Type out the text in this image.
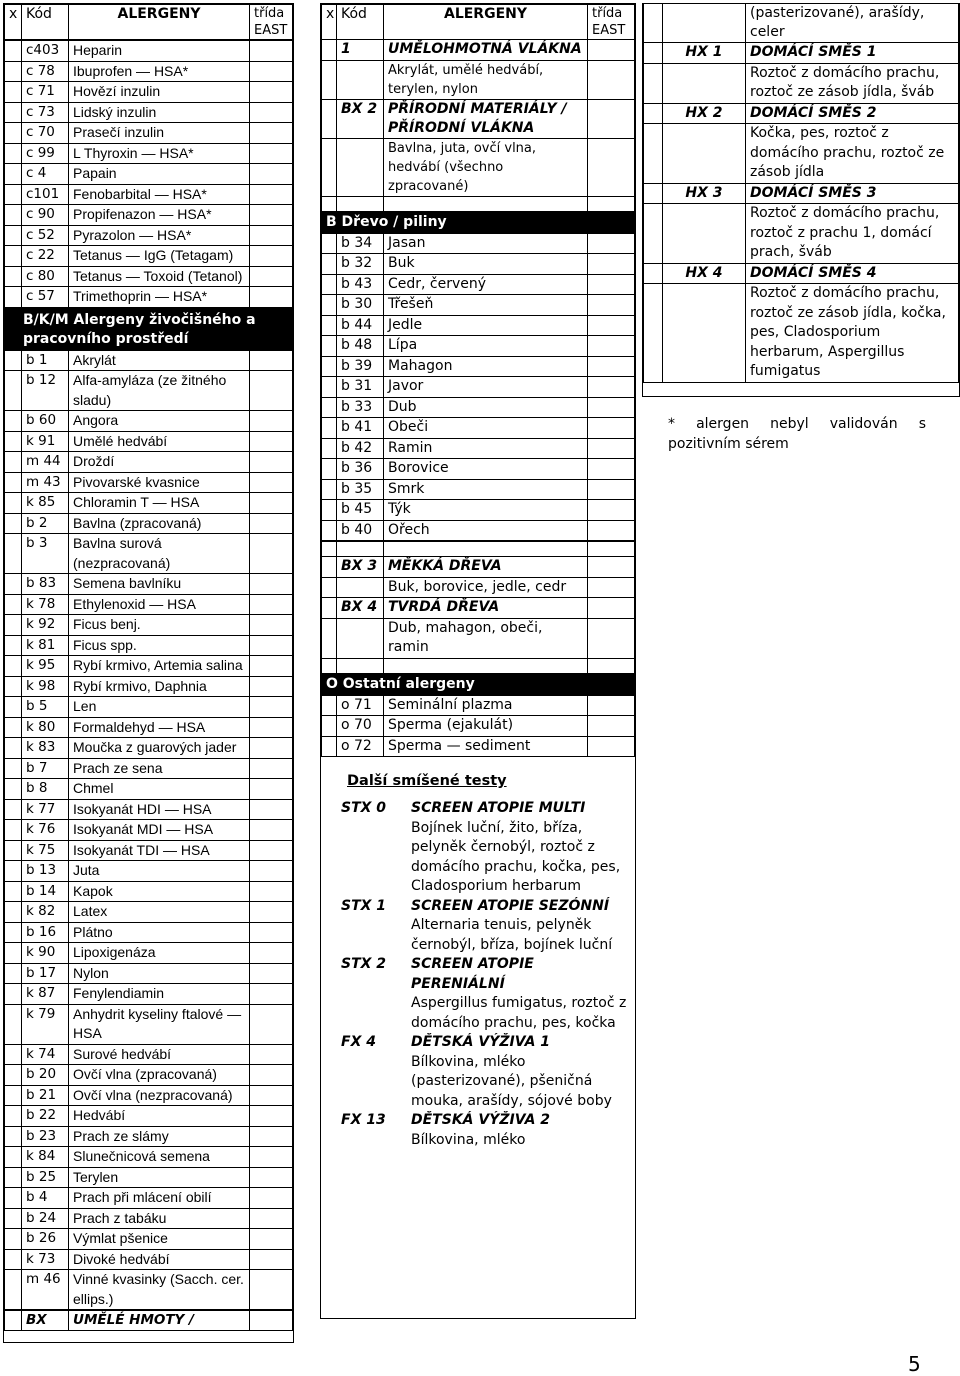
x	Kód	ALERGENY	třída EAST
	c403	Heparin	
	c 78	Ibuprofen — HSA*	
	c 71	Hovězí inzulin	
	c 73	Lidský inzulin	
	c 70	Prasečí inzulin	
	c 99	L Thyroxin — HSA*	
	c 4	Papain	
	c101	Fenobarbital — HSA*	
	c 90	Propifenazon — HSA*	
	c 52	Pyrazolon — HSA*	
	c 22	Tetanus — IgG (Tetagam)	
	c 80	Tetanus — Toxoid (Tetanol)	
	c 57	Trimethoprin — HSA*	

B/K/M Alergeny živočišného a pracovního prostředí
	b 1	Akrylát	
	b 12	Alfa-amyláza (ze žitného sladu)	
	b 60	Angora	
	k 91	Umělé hedvábí	
	m 44	Droždí	
	m 43	Pivovarské kvasnice	
	k 85	Chloramin T — HSA	
	b 2	Bavlna (zpracovaná)	
	b 3	Bavlna surová (nezpracovaná)	
	b 83	Semena bavlníku	
	k 78	Ethylenoxid — HSA	
	k 92	Ficus benj.	
	k 81	Ficus spp.	
	k 95	Rybí krmivo, Artemia salina	
	k 98	Rybí krmivo, Daphnia	
	b 5	Len	
	k 80	Formaldehyd — HSA	
	k 83	Moučka z guarových jader	
	b 7	Prach ze sena	
	b 8	Chmel	
	k 77	Isokyanát HDI — HSA	
	k 76	Isokyanát MDI — HSA	
	k 75	Isokyanát TDI — HSA	
	b 13	Juta	
	b 14	Kapok	
	k 82	Latex	
	b 16	Plátno	
	k 90	Lipoxigenáza	
	b 17	Nylon	
	k 87	Fenylendiamin	
	k 79	Anhydrit kyseliny ftalové — HSA	
	k 74	Surové hedvábí	
	b 20	Ovčí vlna (zpracovaná)	
	b 21	Ovčí vlna (nezpracovaná)	
	b 22	Hedvábí	
	b 23	Prach ze slámy	
	k 84	Slunečnicová semena	
	b 25	Terylen	
	b 4	Prach při mlácení obilí	
	b 24	Prach z tabáku	
	b 26	Výmlat pšenice	
	k 73	Divoké hedvábí	
	m 46	Vinné kvasinky (Sacch. cer. ellips.)	
	BX	UMĚLÉ HMOTY /	
x	Kód	ALERGENY	třída EAST
	1	UMĚLOHMOTNÁ VLÁKNA	
		Akrylát, umělé hedvábí, terylen, nylon	
	BX 2	PŘÍRODNÍ MATERIÁLY / PŘÍRODNÍ VLÁKNA	
		Bavlna, juta, ovčí vlna, hedvábí (všechno zpracované)	

B Dřevo / piliny
	b 34	Jasan	
	b 32	Buk	
	b 43	Cedr, červený	
	b 30	Třešeň	
	b 44	Jedle	
	b 48	Lípa	
	b 39	Mahagon	
	b 31	Javor	
	b 33	Dub	
	b 41	Obeči	
	b 42	Ramin	
	b 36	Borovice	
	b 35	Smrk	
	b 45	Týk	
	b 40	Ořech	

	BX 3	MĚKKÁ DŘEVA	
		Buk, borovice, jedle, cedr	
	BX 4	TVRDÁ DŘEVA	
		Dub, mahagon, obeči, ramin	

O Ostatní alergeny
	o 71	Seminální plazma	
	o 70	Sperma (ejakulát)	
	o 72	Sperma — sediment	
Další smíšené testy
STX 0	SCREEN ATOPIE MULTI
	Bojínek luční, žito, bříza, pelyněk černobýl, roztoč z domácího prachu, kočka, pes, Cladosporium herbarum
STX 1	SCREEN ATOPIE SEZÓNNÍ
	Alternaria tenuis, pelyněk černobýl, bříza, bojínek luční
STX 2	SCREEN ATOPIE PERENIÁLNÍ
	Aspergillus fumigatus, roztoč z domácího prachu, pes, kočka
FX 4	DĚTSKÁ VÝŽIVA 1
	Bílkovina, mléko (pasterizované), pšeničná mouka, arašídy, sójové boby
FX 13	DĚTSKÁ VÝŽIVA 2
	Bílkovina, mléko
		(pasterizované), arašídy, celer
	HX 1	DOMÁCÍ SMĚS 1
		Roztoč z domácího prachu, roztoč ze zásob jídla, šváb
	HX 2	DOMÁCÍ SMĚS 2
		Kočka, pes, roztoč z domácího prachu, roztoč ze zásob jídla
	HX 3	DOMÁCÍ SMĚS 3
		Roztoč z domácího prachu, roztoč z prachu 1, domácí prach, šváb
	HX 4	DOMÁCÍ SMĚS 4
		Roztoč z domácího prachu, roztoč ze zásob jídla, kočka, pes, Cladosporium herbarum, Aspergillus fumigatus
* alergen nebyl validován s pozitivním sérem
5
